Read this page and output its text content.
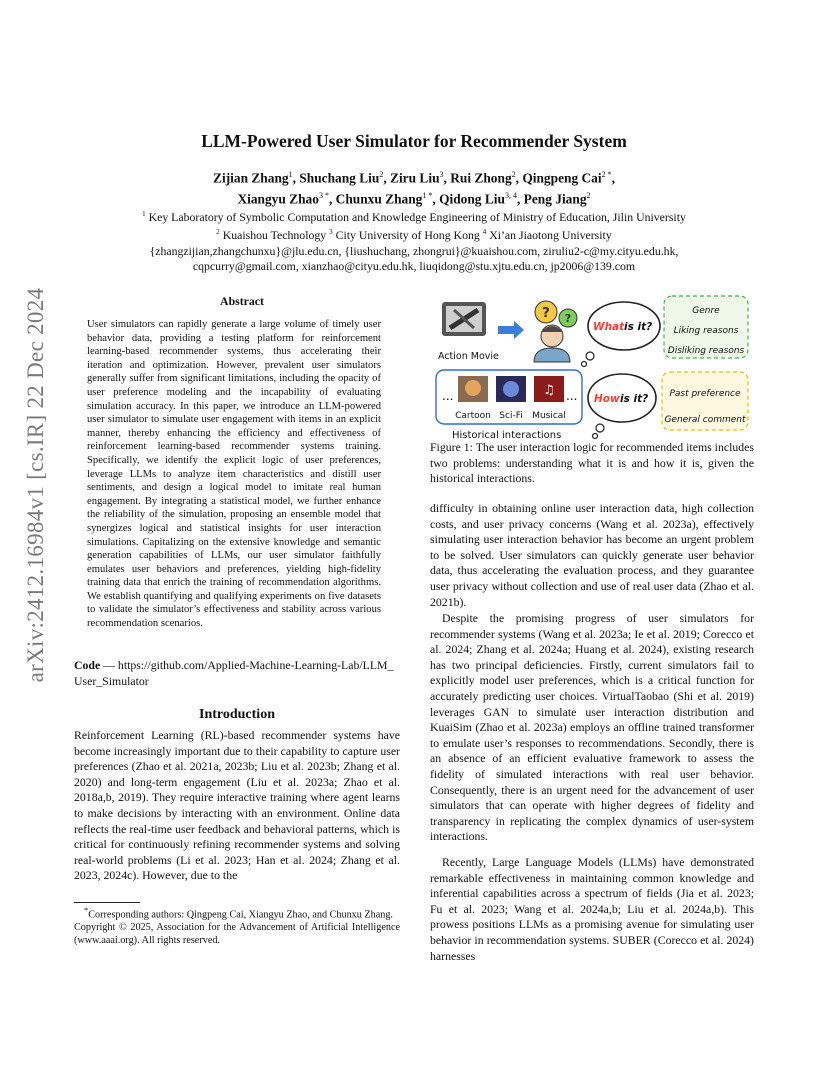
arXiv:2412.16984v1 [cs.IR] 22 Dec 2024
LLM-Powered User Simulator for Recommender System
Zijian Zhang$^1$, Shuchang Liu$^2$, Ziru Liu$^3$, Rui Zhong$^2$, Qingpeng Cai$^{2 *}$,
Xiangyu Zhao$^{3 *}$, Chunxu Zhang$^{1 *}$, Qidong Liu$^{3, 4}$, Peng Jiang$^2$
$^1$ Key Laboratory of Symbolic Computation and Knowledge Engineering of Ministry of Education, Jilin University
$^2$ Kuaishou Technology $^3$ City University of Hong Kong $^4$ Xi’an Jiaotong University
{zhangzijian,zhangchunxu}@jlu.edu.cn, {liushuchang, zhongrui}@kuaishou.com, ziruliu2-c@my.cityu.edu.hk,
cqpcurry@gmail.com, xianzhao@cityu.edu.hk, liuqidong@stu.xjtu.edu.cn, jp2006@139.com
Abstract
User simulators can rapidly generate a large volume of timely user behavior data, providing a testing platform for reinforcement learning-based recommender systems, thus accelerating their iteration and optimization. However, prevalent user simulators generally suffer from significant limitations, including the opacity of user preference modeling and the incapability of evaluating simulation accuracy. In this paper, we introduce an LLM-powered user simulator to simulate user engagement with items in an explicit manner, thereby enhancing the efficiency and effectiveness of reinforcement learning-based recommender systems training. Specifically, we identify the explicit logic of user preferences, leverage LLMs to analyze item characteristics and distill user sentiments, and design a logical model to imitate real human engagement. By integrating a statistical model, we further enhance the reliability of the simulation, proposing an ensemble model that synergizes logical and statistical insights for user interaction simulations. Capitalizing on the extensive knowledge and semantic generation capabilities of LLMs, our user simulator faithfully emulates user behaviors and preferences, yielding high-fidelity training data that enrich the training of recommendation algorithms. We establish quantifying and qualifying experiments on five datasets to validate the simulator’s effectiveness and stability across various recommendation scenarios.
Code — https://github.com/Applied-Machine-Learning-Lab/LLM_User_Simulator
Introduction
Reinforcement Learning (RL)-based recommender systems have become increasingly important due to their capability to capture user preferences (Zhao et al. 2021a, 2023b; Liu et al. 2023b; Zhang et al. 2020) and long-term engagement (Liu et al. 2023a; Zhao et al. 2018a,b, 2019). They require interactive training where agent learns to make decisions by interacting with an environment. Online data reflects the real-time user feedback and behavioral patterns, which is critical for continuously refining recommender systems and solving real-world problems (Li et al. 2023; Han et al. 2024; Zhang et al. 2023, 2024c). However, due to the
*Corresponding authors: Qingpeng Cai, Xiangyu Zhao, and Chunxu Zhang.
Copyright © 2025, Association for the Advancement of Artificial Intelligence (www.aaai.org). All rights reserved.
Action Movie
? ?
What is it?
Genre
Liking reasons
Disliking reasons
...	...
♫
Cartoon Sci-Fi Musical
Historical interactions
How is it? Past preference
General comment
Figure 1: The user interaction logic for recommended items includes two problems: understanding what it is and how it is, given the historical interactions.
difficulty in obtaining online user interaction data, high collection costs, and user privacy concerns (Wang et al. 2023a), effectively simulating user interaction behavior has become an urgent problem to be solved. User simulators can quickly generate user behavior data, thus accelerating the evaluation process, and they guarantee user privacy without collection and use of real user data (Zhao et al. 2021b).
Despite the promising progress of user simulators for recommender systems (Wang et al. 2023a; Ie et al. 2019; Corecco et al. 2024; Zhang et al. 2024a; Huang et al. 2024), existing research has two principal deficiencies. Firstly, current simulators fail to explicitly model user preferences, which is a critical function for accurately predicting user choices. VirtualTaobao (Shi et al. 2019) leverages GAN to simulate user interaction distribution and KuaiSim (Zhao et al. 2023a) employs an offline trained transformer to emulate user’s responses to recommendations. Secondly, there is an absence of an efficient evaluative framework to assess the fidelity of simulated interactions with real user behavior. Consequently, there is an urgent need for the advancement of user simulators that can operate with higher degrees of fidelity and transparency in replicating the complex dynamics of user-system interactions.
Recently, Large Language Models (LLMs) have demonstrated remarkable effectiveness in maintaining common knowledge and inferential capabilities across a spectrum of fields (Jia et al. 2023; Fu et al. 2023; Wang et al. 2024a,b; Liu et al. 2024a,b). This prowess positions LLMs as a promising avenue for simulating user behavior in recommendation systems. SUBER (Corecco et al. 2024) harnesses
